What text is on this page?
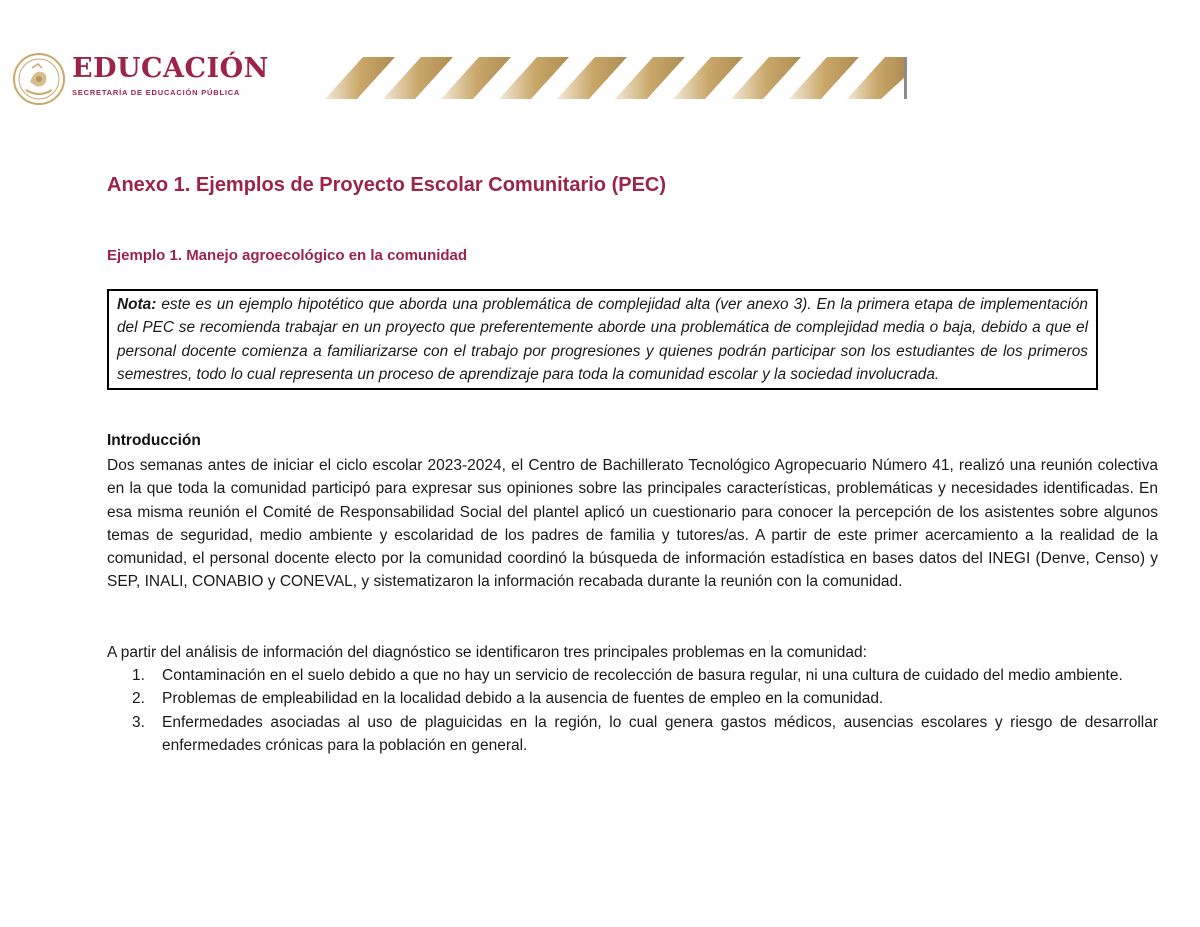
EDUCACIÓN
SECRETARÍA DE EDUCACIÓN PÚBLICA
Anexo 1. Ejemplos de Proyecto Escolar Comunitario (PEC)
Ejemplo 1. Manejo agroecológico en la comunidad
Nota: este es un ejemplo hipotético que aborda una problemática de complejidad alta (ver anexo 3). En la primera etapa de implementación del PEC se recomienda trabajar en un proyecto que preferentemente aborde una problemática de complejidad media o baja, debido a que el personal docente comienza a familiarizarse con el trabajo por progresiones y quienes podrán participar son los estudiantes de los primeros semestres, todo lo cual representa un proceso de aprendizaje para toda la comunidad escolar y la sociedad involucrada.
Introducción

Dos semanas antes de iniciar el ciclo escolar 2023-2024, el Centro de Bachillerato Tecnológico Agropecuario Número 41, realizó una reunión colectiva en la que toda la comunidad participó para expresar sus opiniones sobre las principales características, problemáticas y necesidades identificadas. En esa misma reunión el Comité de Responsabilidad Social del plantel aplicó un cuestionario para conocer la percepción de los asistentes sobre algunos temas de seguridad, medio ambiente y escolaridad de los padres de familia y tutores/as. A partir de este primer acercamiento a la realidad de la comunidad, el personal docente electo por la comunidad coordinó la búsqueda de información estadística en bases datos del INEGI (Denve, Censo) y SEP, INALI, CONABIO y CONEVAL, y sistematizaron la información recabada durante la reunión con la comunidad.

A partir del análisis de información del diagnóstico se identificaron tres principales problemas en la comunidad:

1. Contaminación en el suelo debido a que no hay un servicio de recolección de basura regular, ni una cultura de cuidado del medio ambiente.
2. Problemas de empleabilidad en la localidad debido a la ausencia de fuentes de empleo en la comunidad.
3. Enfermedades asociadas al uso de plaguicidas en la región, lo cual genera gastos médicos, ausencias escolares y riesgo de desarrollar enfermedades crónicas para la población en general.
